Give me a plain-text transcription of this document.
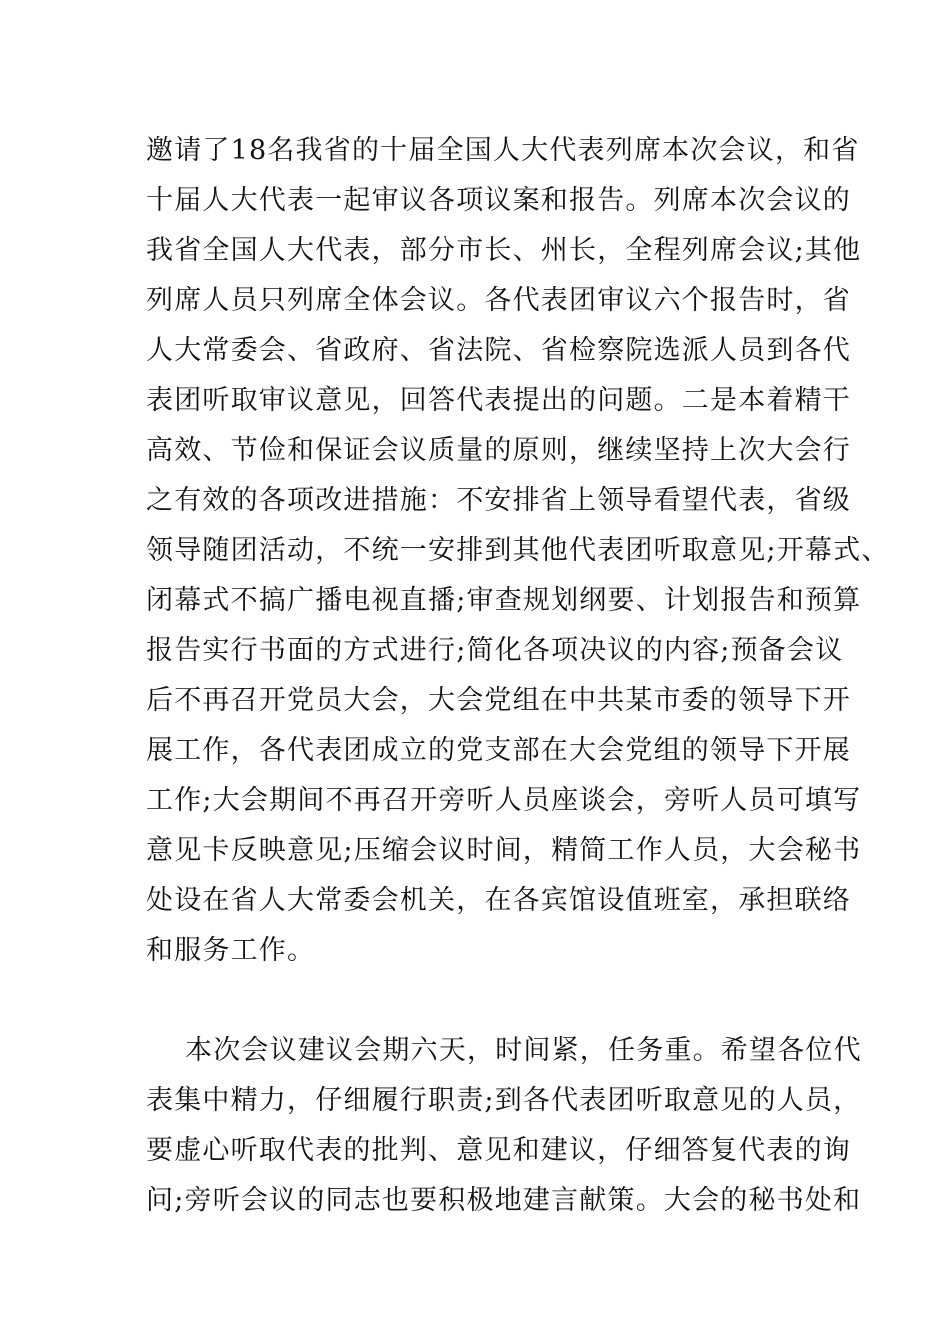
邀请了18名我省的十届全国人大代表列席本次会议，和省
十届人大代表一起审议各项议案和报告。列席本次会议的
我省全国人大代表，部分市长、州长，全程列席会议;其他
列席人员只列席全体会议。各代表团审议六个报告时，省
人大常委会、省政府、省法院、省检察院选派人员到各代
表团听取审议意见，回答代表提出的问题。二是本着精干
高效、节俭和保证会议质量的原则，继续坚持上次大会行
之有效的各项改进措施：不安排省上领导看望代表，省级
领导随团活动，不统一安排到其他代表团听取意见;开幕式、
闭幕式不搞广播电视直播;审查规划纲要、计划报告和预算
报告实行书面的方式进行;简化各项决议的内容;预备会议
后不再召开党员大会，大会党组在中共某市委的领导下开
展工作，各代表团成立的党支部在大会党组的领导下开展
工作;大会期间不再召开旁听人员座谈会，旁听人员可填写
意见卡反映意见;压缩会议时间，精简工作人员，大会秘书
处设在省人大常委会机关，在各宾馆设值班室，承担联络
和服务工作。
本次会议建议会期六天，时间紧，任务重。希望各位代
表集中精力，仔细履行职责;到各代表团听取意见的人员，
要虚心听取代表的批判、意见和建议，仔细答复代表的询
问;旁听会议的同志也要积极地建言献策。大会的秘书处和
